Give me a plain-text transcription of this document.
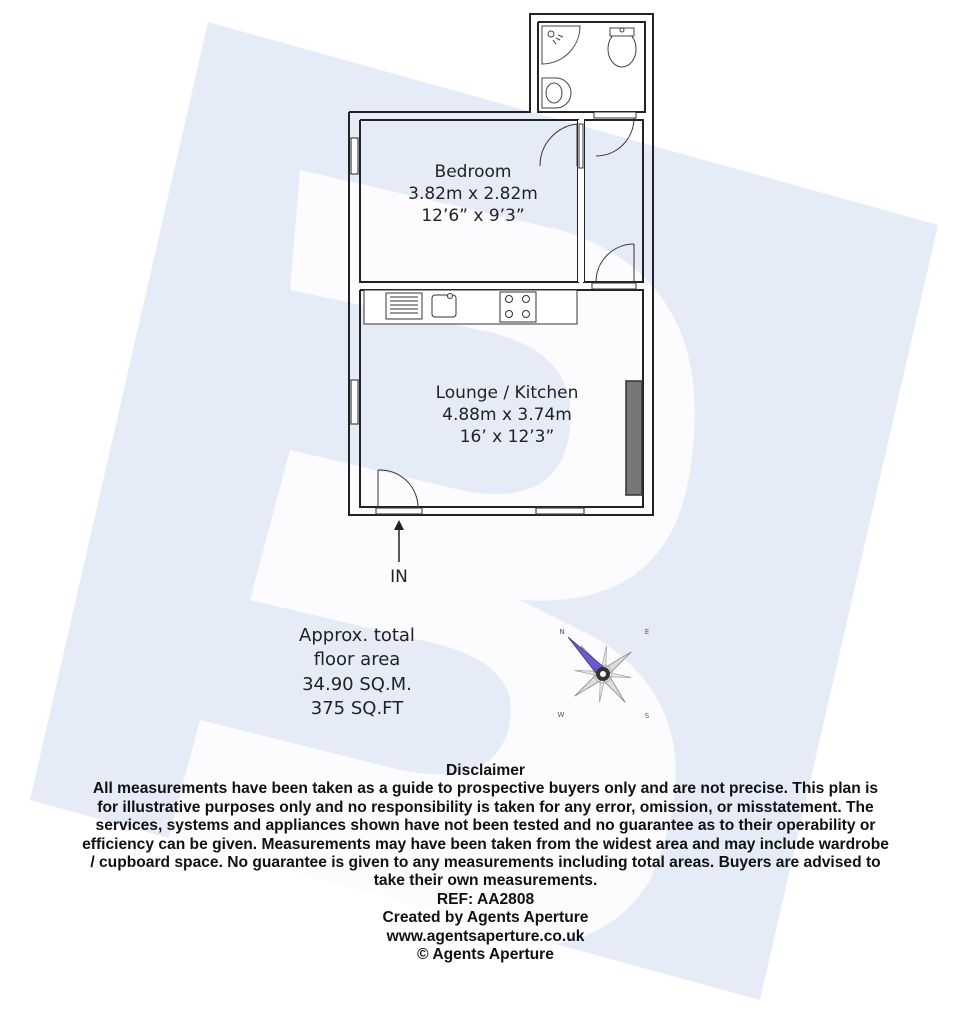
Bedroom
3.82m x 2.82m
12’6” x 9’3”
Lounge / Kitchen
4.88m x 3.74m
16’ x 12’3”
IN
Approx. total
floor area
34.90 SQ.M.
375 SQ.FT
N	E
S
W
Disclaimer
All measurements have been taken as a guide to prospective buyers only and are not precise. This plan is
for illustrative purposes only and no responsibility is taken for any error, omission, or misstatement. The
services, systems and appliances shown have not been tested and no guarantee as to their operability or
efficiency can be given. Measurements may have been taken from the widest area and may include wardrobe
/ cupboard space. No guarantee is given to any measurements including total areas. Buyers are advised to
take their own measurements.
REF: AA2808
Created by Agents Aperture
www.agentsaperture.co.uk
© Agents Aperture
